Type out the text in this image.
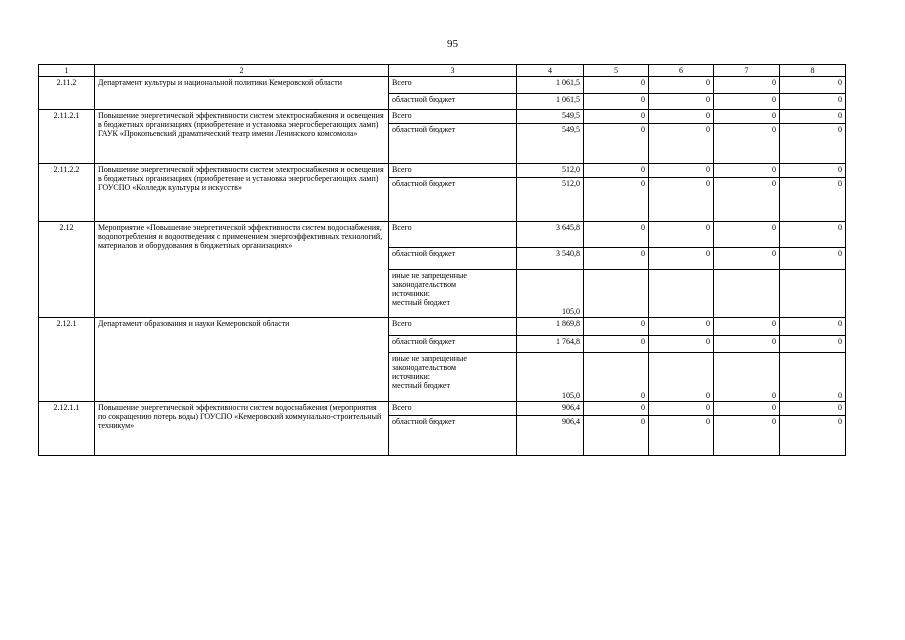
95
1	2	3	4	5	6	7	8
2.11.2	Департамент культуры и национальной политики Кемеровской области	Всего	1 061,5	0	0	0	0
		областной бюджет	1 061,5	0	0	0	0
2.11.2.1	Повышение энергетической эффективности систем электроснабжения и освещения в бюджетных организациях (приобретение и установка энергосберегающих ламп) ГАУК «Прокопьевский драматический театр имени Ленинского комсомола»	Всего	549,5	0	0	0	0
		областной бюджет	549,5	0	0	0	0
2.11.2.2	Повышение энергетической эффективности систем электроснабжения и освещения в бюджетных организациях (приобретение и установка энергосберегающих ламп) ГОУСПО «Колледж культуры и искусств»	Всего	512,0	0	0	0	0
		областной бюджет	512,0	0	0	0	0
2.12	Мероприятие «Повышение энергетической эффективности систем водоснабжения, водопотребления и водоотведения с применением энергоэффективных технологий, материалов и оборудования в бюджетных организациях»	Всего	3 645,8	0	0	0	0
		областной бюджет	3 540,8	0	0	0	0
		иные не запрещенные
законодательством
источники:
местный бюджет	105,0				
2.12.1	Департамент образования и науки Кемеровской области	Всего	1 869,8	0	0	0	0
		областной бюджет	1 764,8	0	0	0	0
		иные не запрещенные
законодательством
источники:
местный бюджет	105,0	0	0	0	0
2.12.1.1	Повышение энергетической эффективности систем водоснабжения (мероприятия по сокращению потерь воды) ГОУСПО «Кемеровский коммунально-строительный техникум»	Всего	906,4	0	0	0	0
		областной бюджет	906,4	0	0	0	0
